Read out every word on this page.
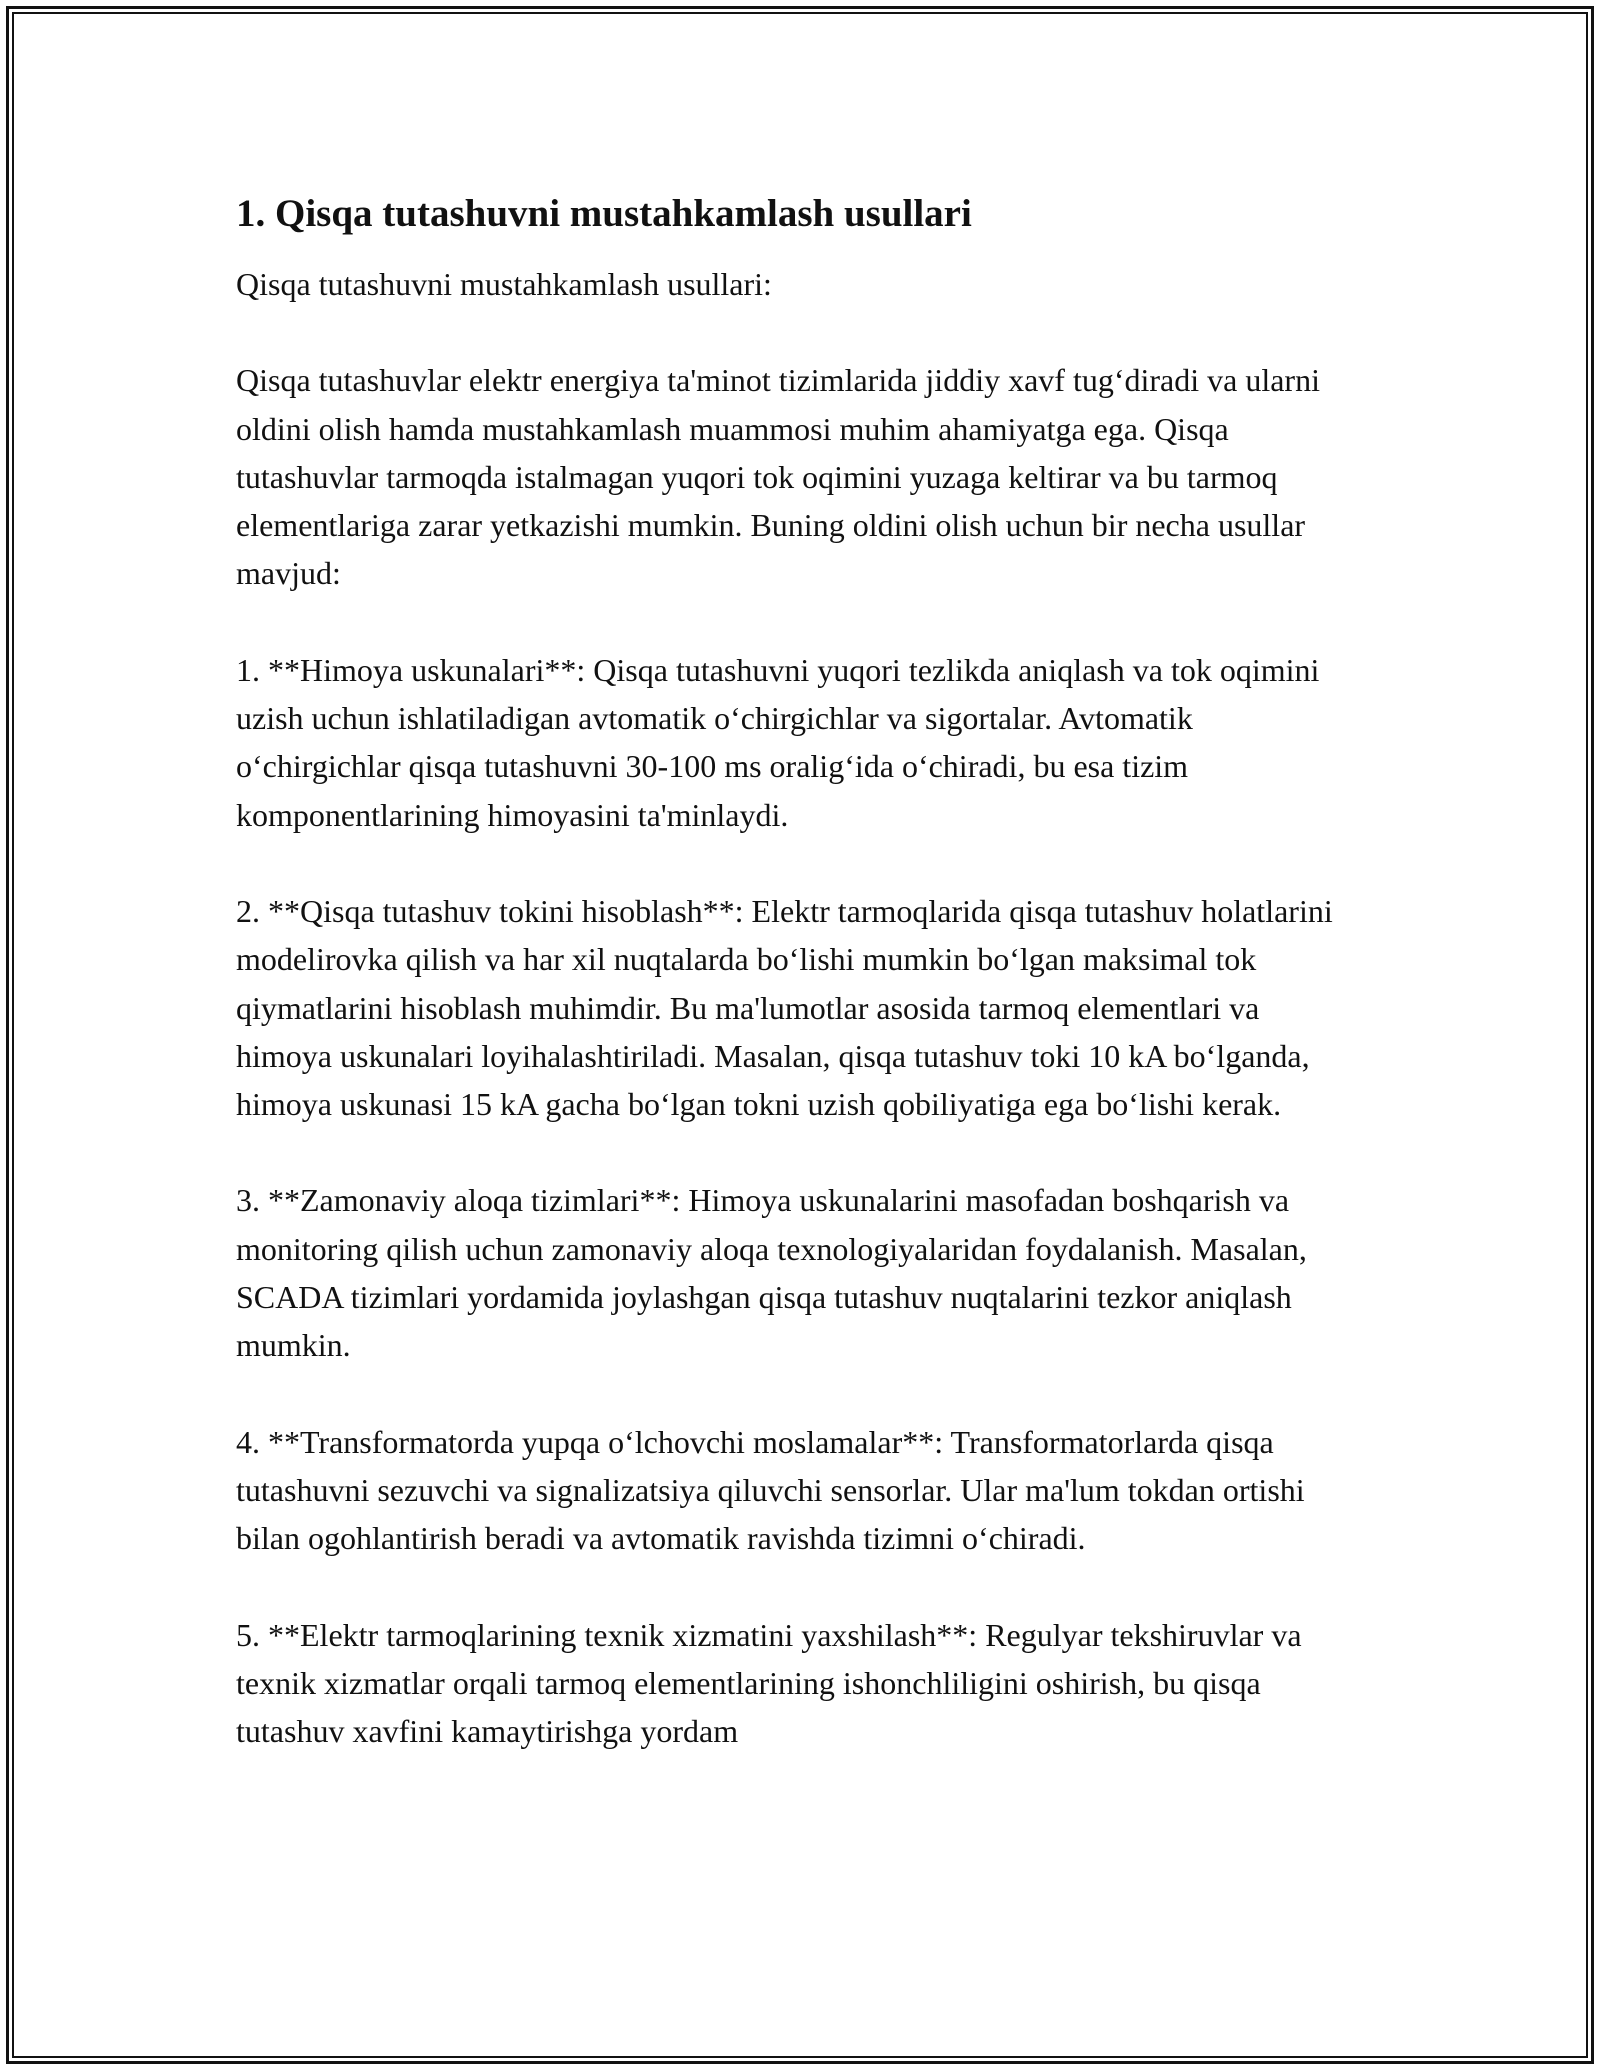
1. Qisqa tutashuvni mustahkamlash usullari

Qisqa tutashuvni mustahkamlash usullari:

Qisqa tutashuvlar elektr energiya ta'minot tizimlarida jiddiy xavf tug‘diradi va ularni oldini olish hamda mustahkamlash muammosi muhim ahamiyatga ega. Qisqa tutashuvlar tarmoqda istalmagan yuqori tok oqimini yuzaga keltirar va bu tarmoq elementlariga zarar yetkazishi mumkin. Buning oldini olish uchun bir necha usullar mavjud:

1. **Himoya uskunalari**: Qisqa tutashuvni yuqori tezlikda aniqlash va tok oqimini uzish uchun ishlatiladigan avtomatik o‘chirgichlar va sigortalar. Avtomatik o‘chirgichlar qisqa tutashuvni 30-100 ms oralig‘ida o‘chiradi, bu esa tizim komponentlarining himoyasini ta'minlaydi.

2. **Qisqa tutashuv tokini hisoblash**: Elektr tarmoqlarida qisqa tutashuv holatlarini modelirovka qilish va har xil nuqtalarda bo‘lishi mumkin bo‘lgan maksimal tok qiymatlarini hisoblash muhimdir. Bu ma'lumotlar asosida tarmoq elementlari va himoya uskunalari loyihalashtiriladi. Masalan, qisqa tutashuv toki 10 kA bo‘lganda, himoya uskunasi 15 kA gacha bo‘lgan tokni uzish qobiliyatiga ega bo‘lishi kerak.

3. **Zamonaviy aloqa tizimlari**: Himoya uskunalarini masofadan boshqarish va monitoring qilish uchun zamonaviy aloqa texnologiyalaridan foydalanish. Masalan, SCADA tizimlari yordamida joylashgan qisqa tutashuv nuqtalarini tezkor aniqlash mumkin.

4. **Transformatorda yupqa o‘lchovchi moslamalar**: Transformatorlarda qisqa tutashuvni sezuvchi va signalizatsiya qiluvchi sensorlar. Ular ma'lum tokdan ortishi bilan ogohlantirish beradi va avtomatik ravishda tizimni o‘chiradi.

5. **Elektr tarmoqlarining texnik xizmatini yaxshilash**: Regulyar tekshiruvlar va texnik xizmatlar orqali tarmoq elementlarining ishonchliligini oshirish, bu qisqa tutashuv xavfini kamaytirishga yordam
